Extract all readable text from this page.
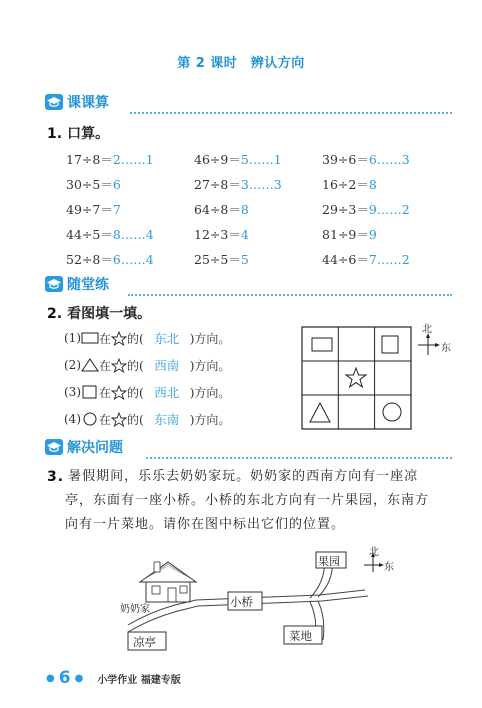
第 2 课时　辨认方向
课课算
1. 口算。
17÷8＝2……1	46÷9＝5……1	39÷6＝6……3
30÷5＝6	27÷8＝3……3	16÷2＝8
49÷7＝7	64÷8＝8	29÷3＝9……2
44÷5＝8……4	12÷3＝4	81÷9＝9
52÷8＝6……4	25÷5＝5	44÷6＝7……2
随堂练
2. 看图填一填。
(1) 在 的( 东北 )方向。
(2) 在 的( 西南 )方向。
(3) 在 的( 西北 )方向。
(4) 在 的( 东南 )方向。
北
东
解决问题
3. 暑假期间，乐乐去奶奶家玩。奶奶家的西南方向有一座凉
亭，东面有一座小桥。小桥的东北方向有一片果园，东南方
向有一片菜地。请你在图中标出它们的位置。
奶奶家
小桥
凉亭	菜地
果园
北
东
● 6 ● 小学作业 福建专版
